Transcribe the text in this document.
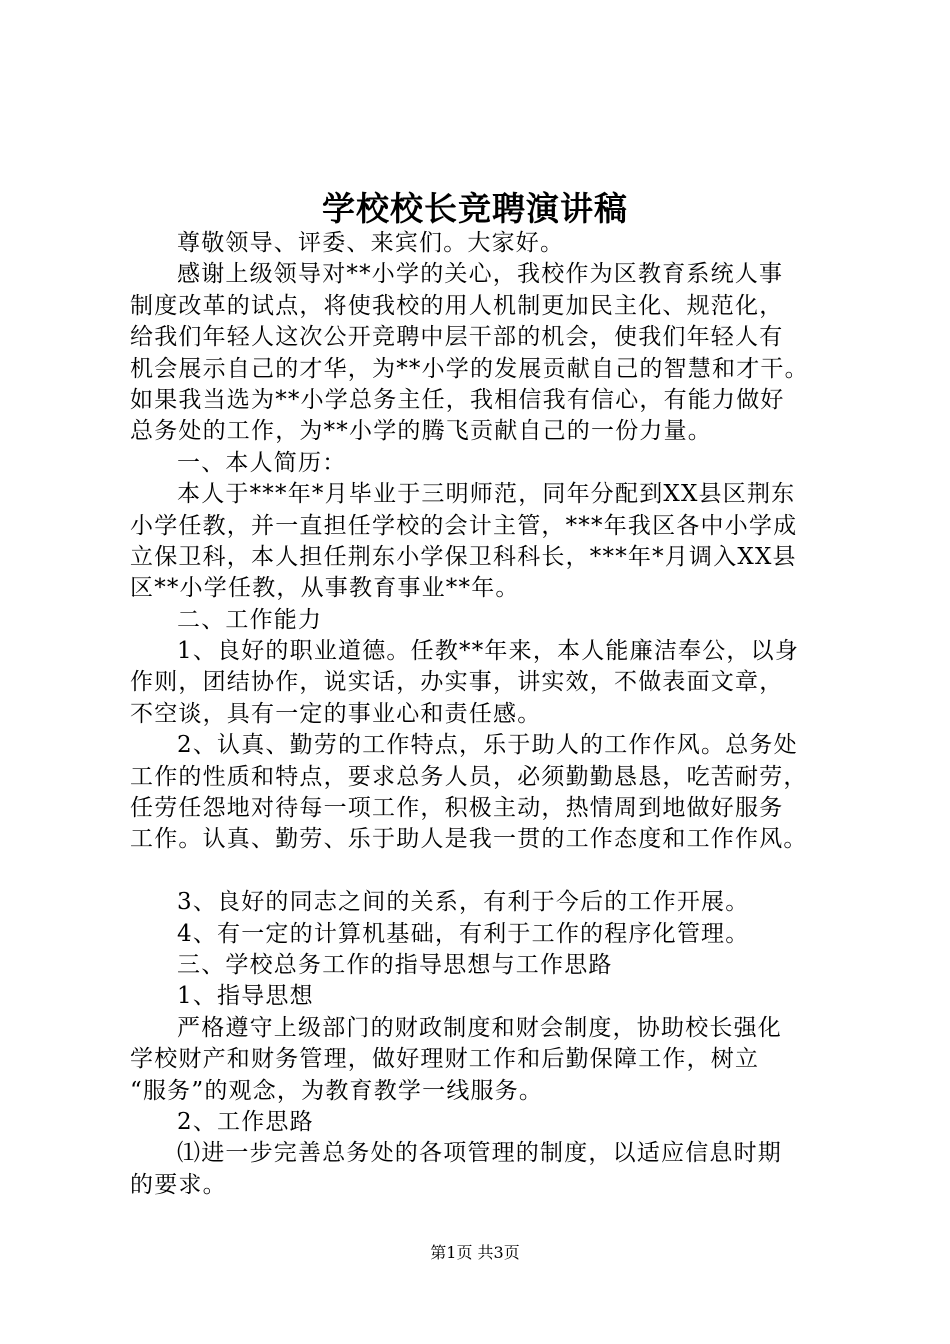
学校校长竞聘演讲稿
尊敬领导、评委、来宾们。大家好。
感谢上级领导对**小学的关心，我校作为区教育系统人事
制度改革的试点，将使我校的用人机制更加民主化、规范化，
给我们年轻人这次公开竞聘中层干部的机会，使我们年轻人有
机会展示自己的才华，为**小学的发展贡献自己的智慧和才干。
如果我当选为**小学总务主任，我相信我有信心，有能力做好
总务处的工作，为**小学的腾飞贡献自己的一份力量。
一、本人简历：
本人于***年*月毕业于三明师范，同年分配到XX县区荆东
小学任教，并一直担任学校的会计主管，***年我区各中小学成
立保卫科，本人担任荆东小学保卫科科长，***年*月调入XX县
区**小学任教，从事教育事业**年。
二、工作能力
1、良好的职业道德。任教**年来，本人能廉洁奉公，以身
作则，团结协作，说实话，办实事，讲实效，不做表面文章，
不空谈，具有一定的事业心和责任感。
2、认真、勤劳的工作特点，乐于助人的工作作风。总务处
工作的性质和特点，要求总务人员，必须勤勤恳恳，吃苦耐劳，
任劳任怨地对待每一项工作，积极主动，热情周到地做好服务
工作。认真、勤劳、乐于助人是我一贯的工作态度和工作作风。
3、良好的同志之间的关系，有利于今后的工作开展。
4、有一定的计算机基础，有利于工作的程序化管理。
三、学校总务工作的指导思想与工作思路
1、指导思想
严格遵守上级部门的财政制度和财会制度，协助校长强化
学校财产和财务管理，做好理财工作和后勤保障工作，树立
“服务”的观念，为教育教学一线服务。
2、工作思路
⑴进一步完善总务处的各项管理的制度，以适应信息时期
的要求。
第1页 共3页
